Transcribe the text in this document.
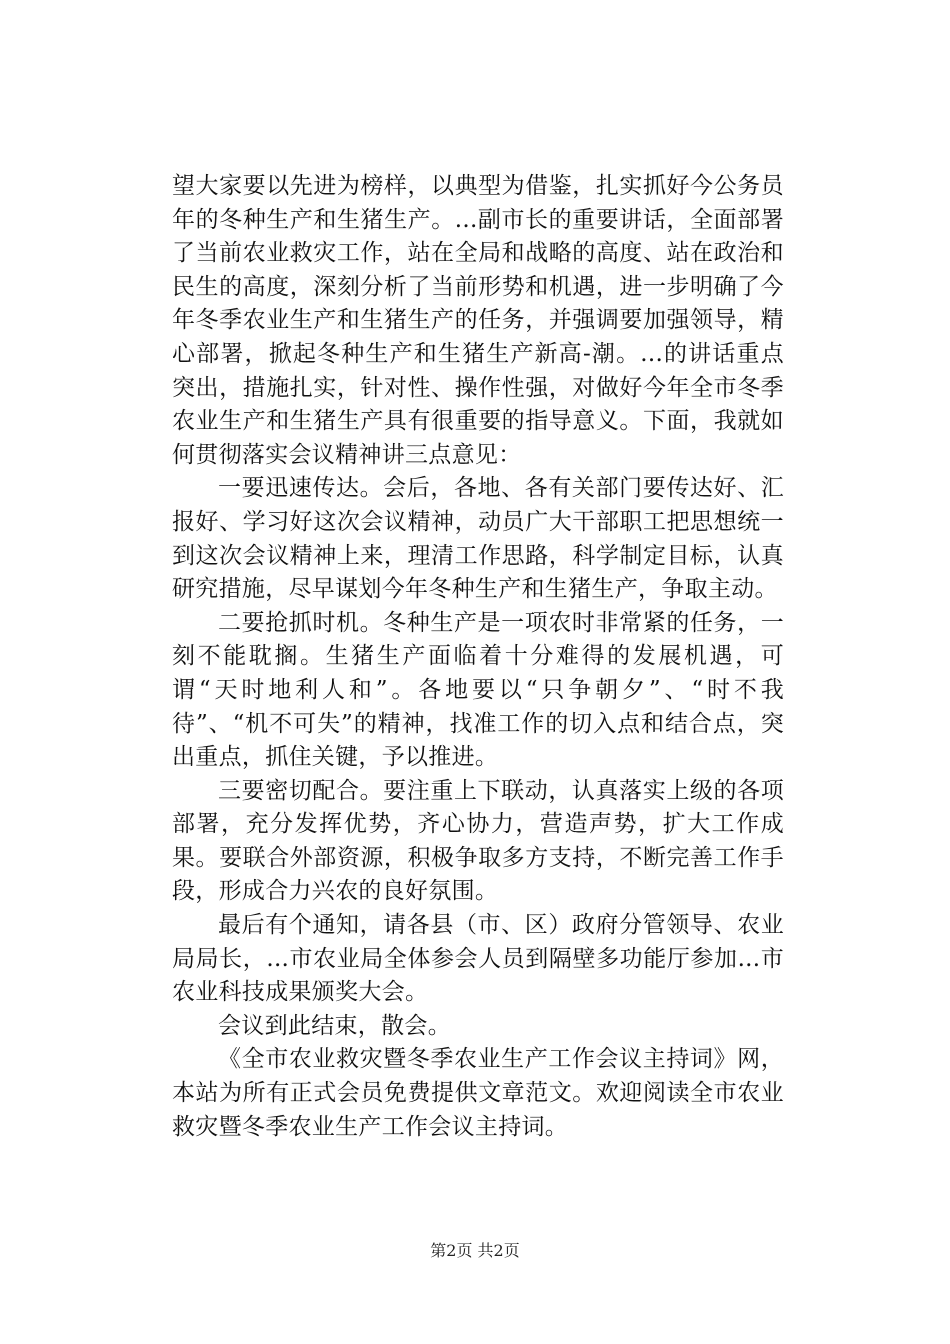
望大家要以先进为榜样，以典型为借鉴，扎实抓好今公务员年的冬种生产和生猪生产。...副市长的重要讲话，全面部署了当前农业救灾工作，站在全局和战略的高度、站在政治和民生的高度，深刻分析了当前形势和机遇，进一步明确了今年冬季农业生产和生猪生产的任务，并强调要加强领导，精心部署，掀起冬种生产和生猪生产新高-潮。...的讲话重点突出，措施扎实，针对性、操作性强，对做好今年全市冬季农业生产和生猪生产具有很重要的指导意义。下面，我就如何贯彻落实会议精神讲三点意见：

一要迅速传达。会后，各地、各有关部门要传达好、汇报好、学习好这次会议精神，动员广大干部职工把思想统一到这次会议精神上来，理清工作思路，科学制定目标，认真研究措施，尽早谋划今年冬种生产和生猪生产，争取主动。

二要抢抓时机。冬种生产是一项农时非常紧的任务，一刻不能耽搁。生猪生产面临着十分难得的发展机遇，可谓“天时地利人和”。各地要以“只争朝夕”、“时不我待”、“机不可失”的精神，找准工作的切入点和结合点，突出重点，抓住关键，予以推进。

三要密切配合。要注重上下联动，认真落实上级的各项部署，充分发挥优势，齐心协力，营造声势，扩大工作成果。要联合外部资源，积极争取多方支持，不断完善工作手段，形成合力兴农的良好氛围。

最后有个通知，请各县（市、区）政府分管领导、农业局局长，...市农业局全体参会人员到隔壁多功能厅参加...市农业科技成果颁奖大会。

会议到此结束，散会。

《全市农业救灾暨冬季农业生产工作会议主持词》网，本站为所有正式会员免费提供文章范文。欢迎阅读全市农业救灾暨冬季农业生产工作会议主持词。

第2页 共2页
